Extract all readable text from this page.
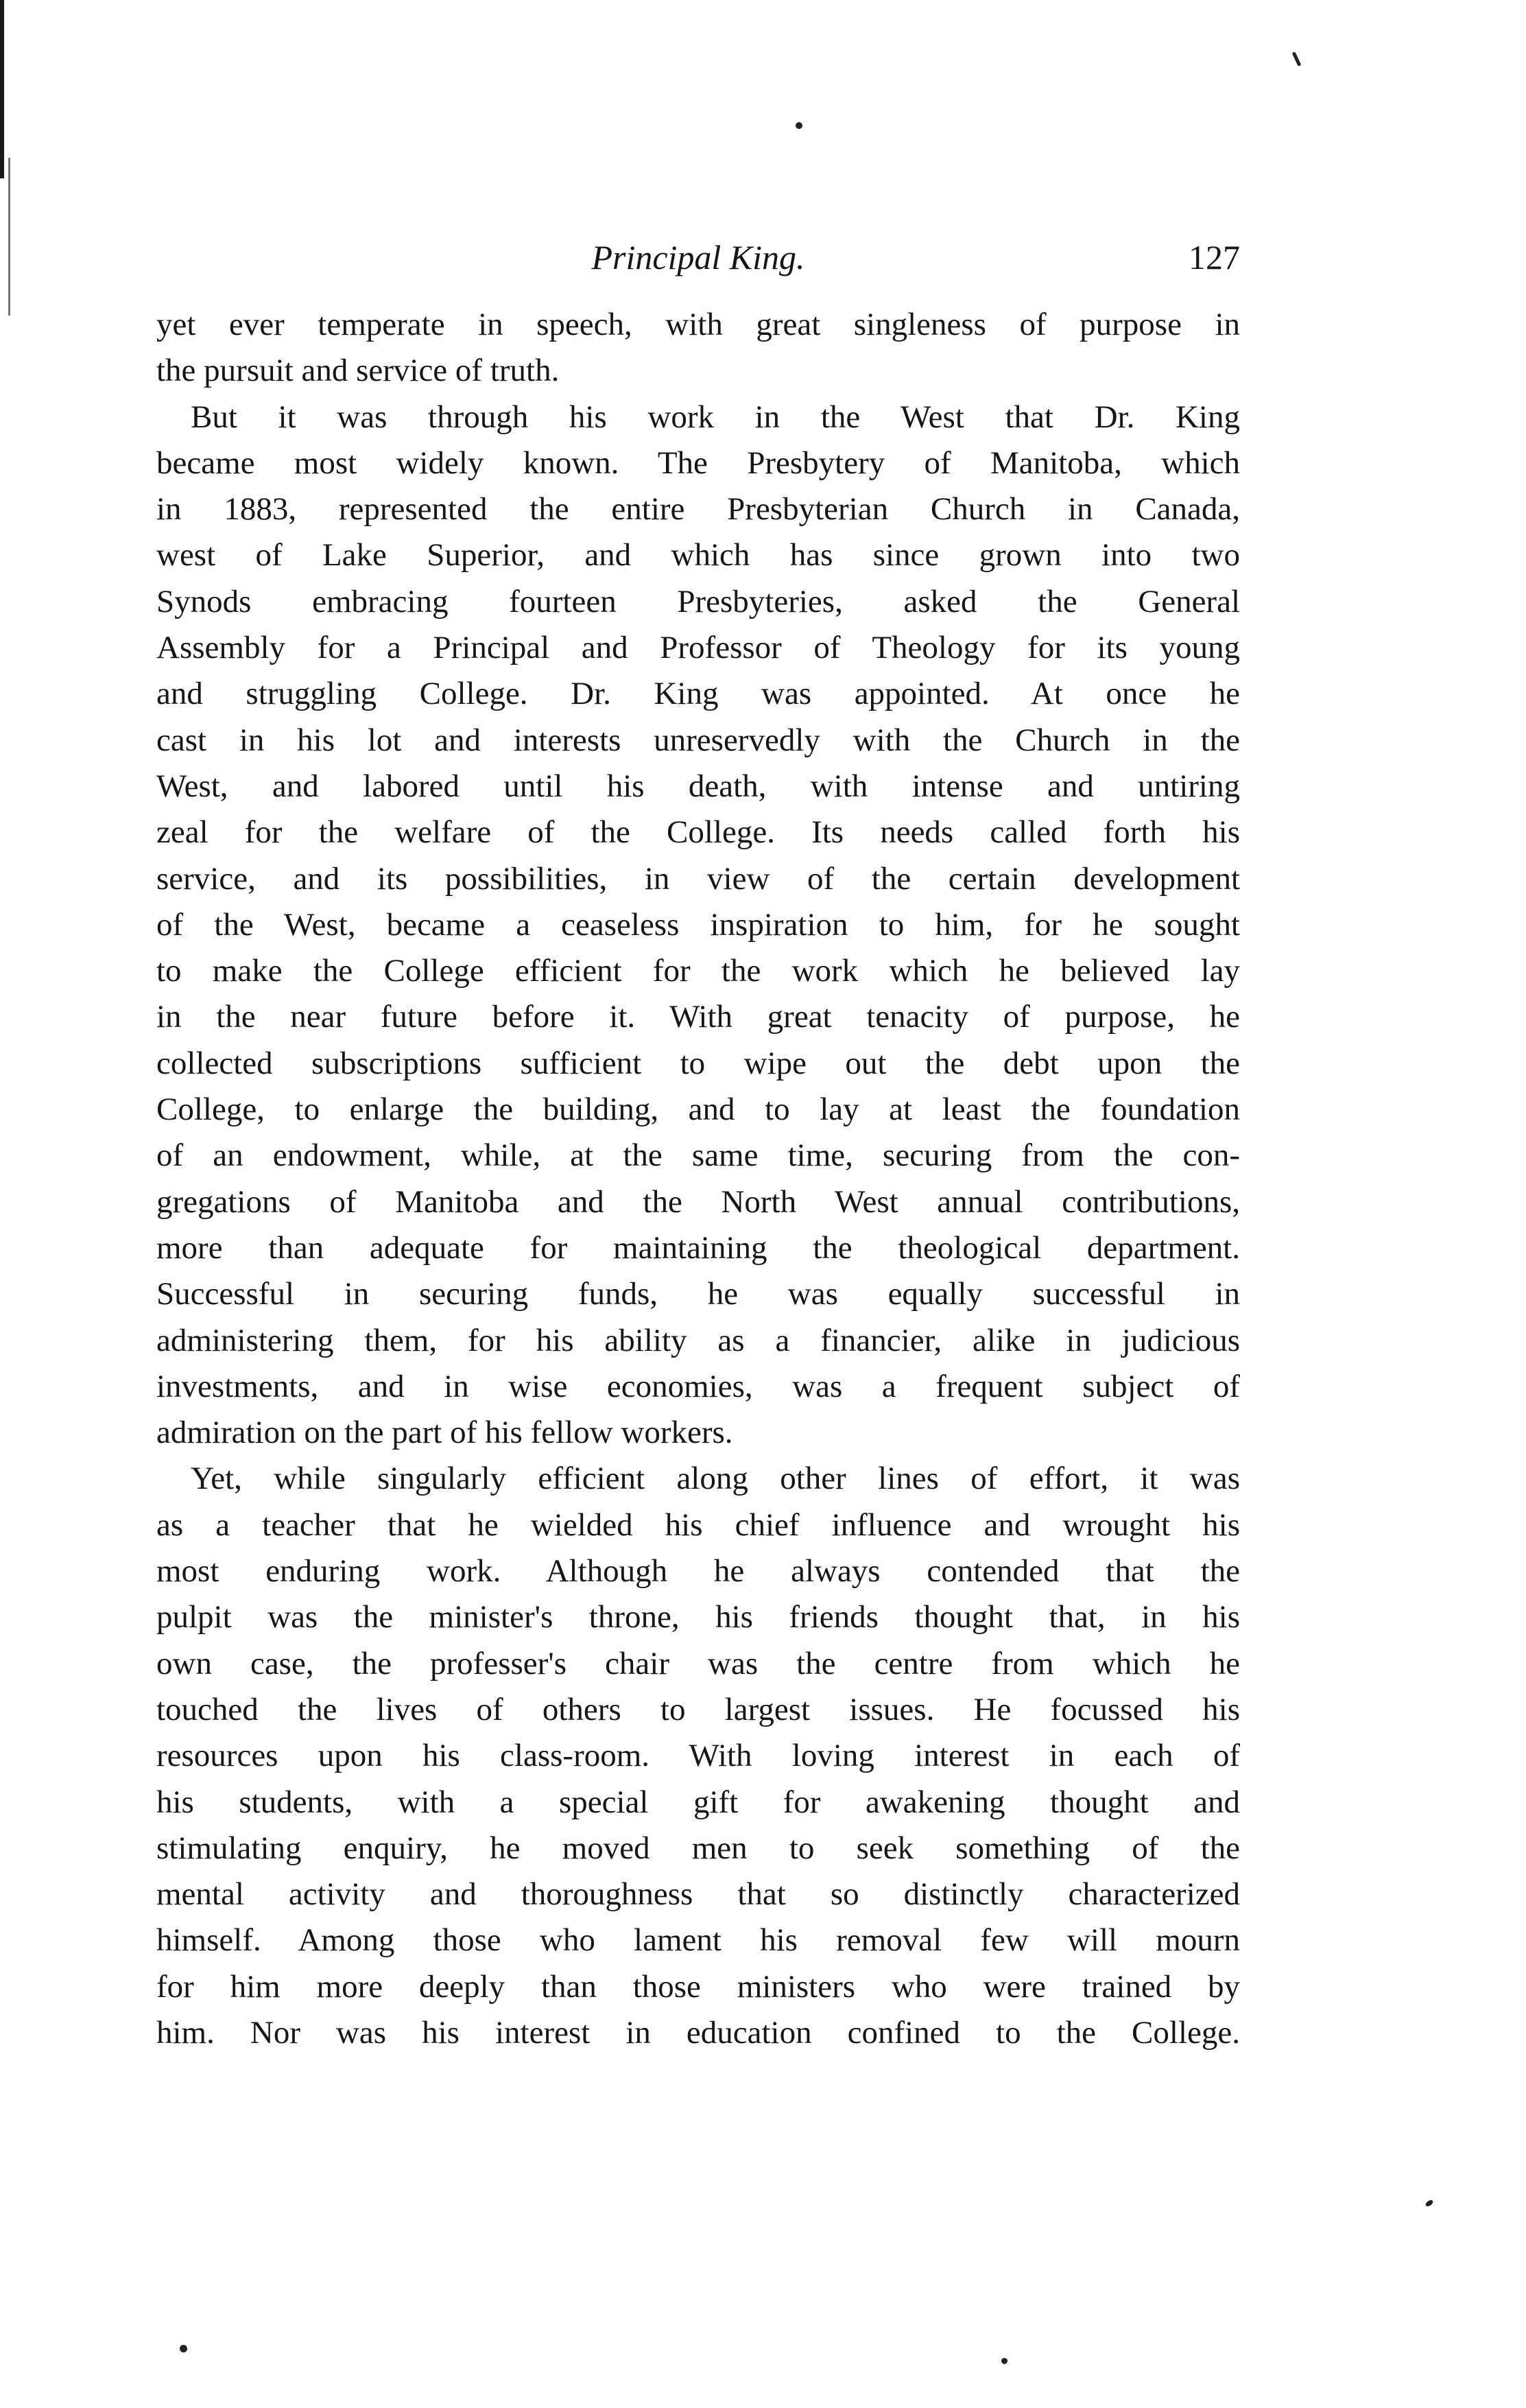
Principal King.	127

yet ever temperate in speech, with great singleness of purpose in

the pursuit and service of truth.

But it was through his work in the West that Dr. King

became most widely known. The Presbytery of Manitoba, which

in 1883, represented the entire Presbyterian Church in Canada,

west of Lake Superior, and which has since grown into two

Synods embracing fourteen Presbyteries, asked the General

Assembly for a Principal and Professor of Theology for its young

and struggling College. Dr. King was appointed. At once he

cast in his lot and interests unreservedly with the Church in the

West, and labored until his death, with intense and untiring

zeal for the welfare of the College. Its needs called forth his

service, and its possibilities, in view of the certain development

of the West, became a ceaseless inspiration to him, for he sought

to make the College efficient for the work which he believed lay

in the near future before it. With great tenacity of purpose, he

collected subscriptions sufficient to wipe out the debt upon the

College, to enlarge the building, and to lay at least the foundation

of an endowment, while, at the same time, securing from the con-

gregations of Manitoba and the North West annual contributions,

more than adequate for maintaining the theological department.

Successful in securing funds, he was equally successful in

administering them, for his ability as a financier, alike in judicious

investments, and in wise economies, was a frequent subject of

admiration on the part of his fellow workers.

Yet, while singularly efficient along other lines of effort, it was

as a teacher that he wielded his chief influence and wrought his

most enduring work. Although he always contended that the

pulpit was the minister's throne, his friends thought that, in his

own case, the professer's chair was the centre from which he

touched the lives of others to largest issues. He focussed his

resources upon his class-room. With loving interest in each of

his students, with a special gift for awakening thought and

stimulating enquiry, he moved men to seek something of the

mental activity and thoroughness that so distinctly characterized

himself. Among those who lament his removal few will mourn

for him more deeply than those ministers who were trained by

him. Nor was his interest in education confined to the College.
